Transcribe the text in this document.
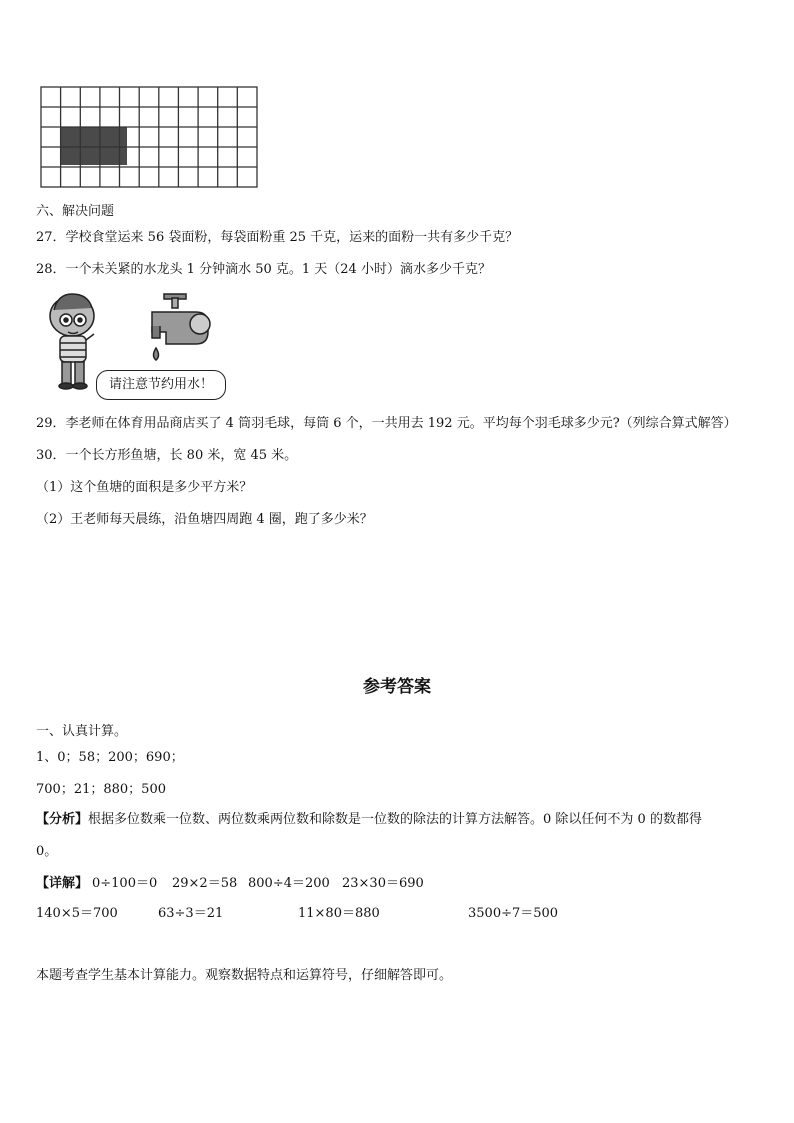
六、解决问题
27．学校食堂运来 56 袋面粉，每袋面粉重 25 千克，运来的面粉一共有多少千克？
28．一个未关紧的水龙头 1 分钟滴水 50 克。1 天（24 小时）滴水多少千克？
请注意节约用水！
29．李老师在体育用品商店买了 4 筒羽毛球，每筒 6 个，一共用去 192 元。平均每个羽毛球多少元?（列综合算式解答）
30．一个长方形鱼塘，长 80 米，宽 45 米。
（1）这个鱼塘的面积是多少平方米？
（2）王老师每天晨练，沿鱼塘四周跑 4 圈，跑了多少米？
参考答案
一、认真计算。
1、0；58；200；690；
700；21；880；500
【分析】根据多位数乘一位数、两位数乘两位数和除数是一位数的除法的计算方法解答。0 除以任何不为 0 的数都得
0。
【详解】 0÷100＝0 29×2＝58 800÷4＝200 23×30＝690
140×5＝700	63÷3＝21	11×80＝880	3500÷7＝500
本题考查学生基本计算能力。观察数据特点和运算符号，仔细解答即可。
